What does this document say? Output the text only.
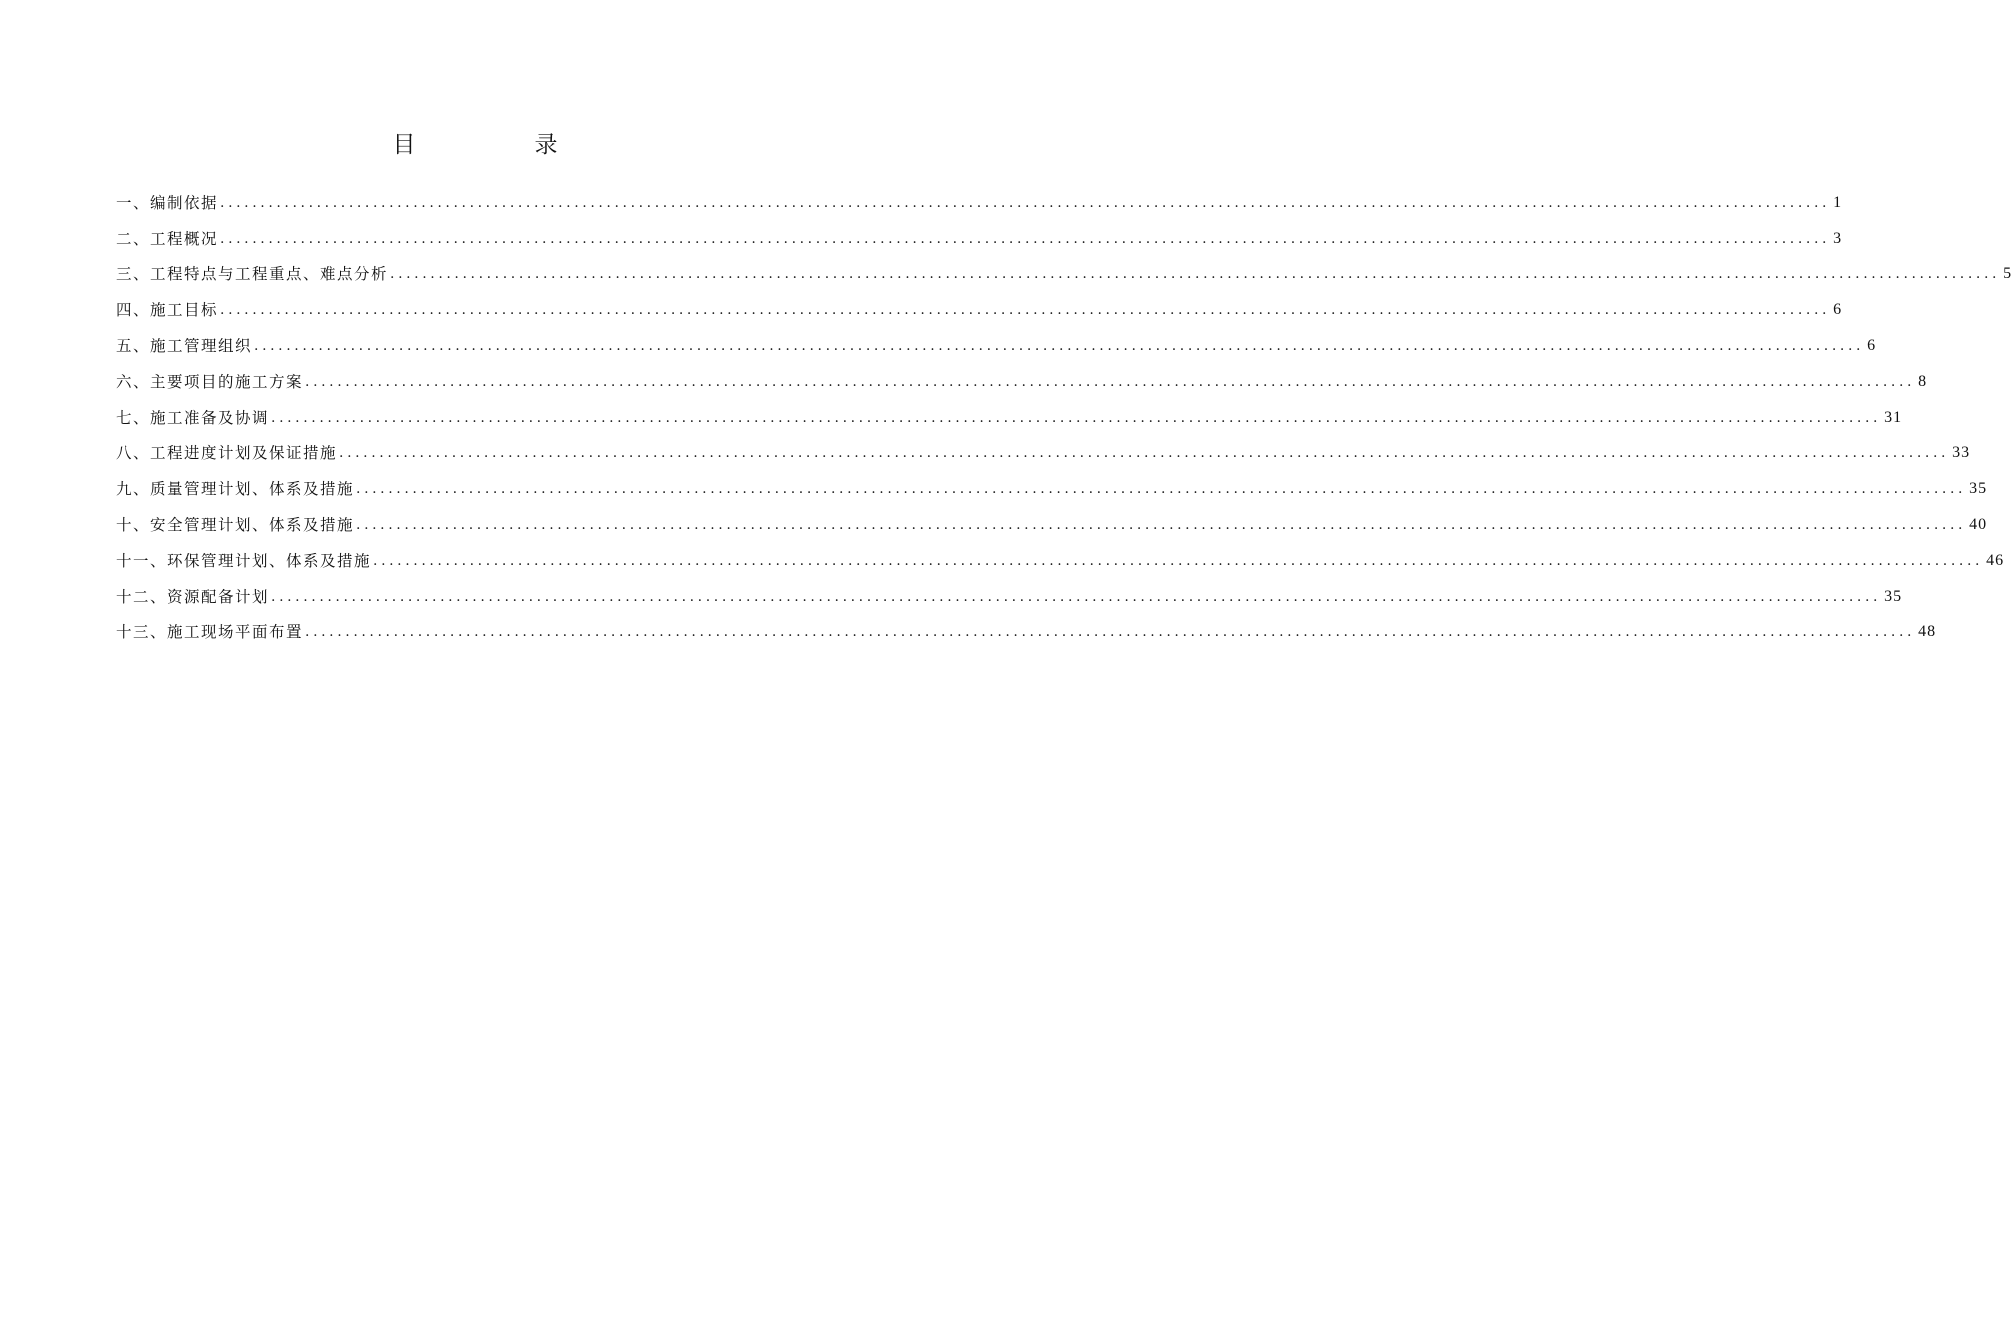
目　录
一、编制依据 ........................................................................................................................................................................................................ 1
二、工程概况 ........................................................................................................................................................................................................ 3
三、工程特点与工程重点、难点分析 ........................................................................................................................................................................................................ 5
四、施工目标 ........................................................................................................................................................................................................ 6
五、施工管理组织 ........................................................................................................................................................................................................ 6
六、主要项目的施工方案 ........................................................................................................................................................................................................ 8
七、施工准备及协调 ........................................................................................................................................................................................................ 31
八、工程进度计划及保证措施 ........................................................................................................................................................................................................ 33
九、质量管理计划、体系及措施 ........................................................................................................................................................................................................ 35
十、安全管理计划、体系及措施 ........................................................................................................................................................................................................ 40
十一、环保管理计划、体系及措施 ........................................................................................................................................................................................................ 46
十二、资源配备计划 ........................................................................................................................................................................................................ 35
十三、施工现场平面布置 ........................................................................................................................................................................................................ 48
